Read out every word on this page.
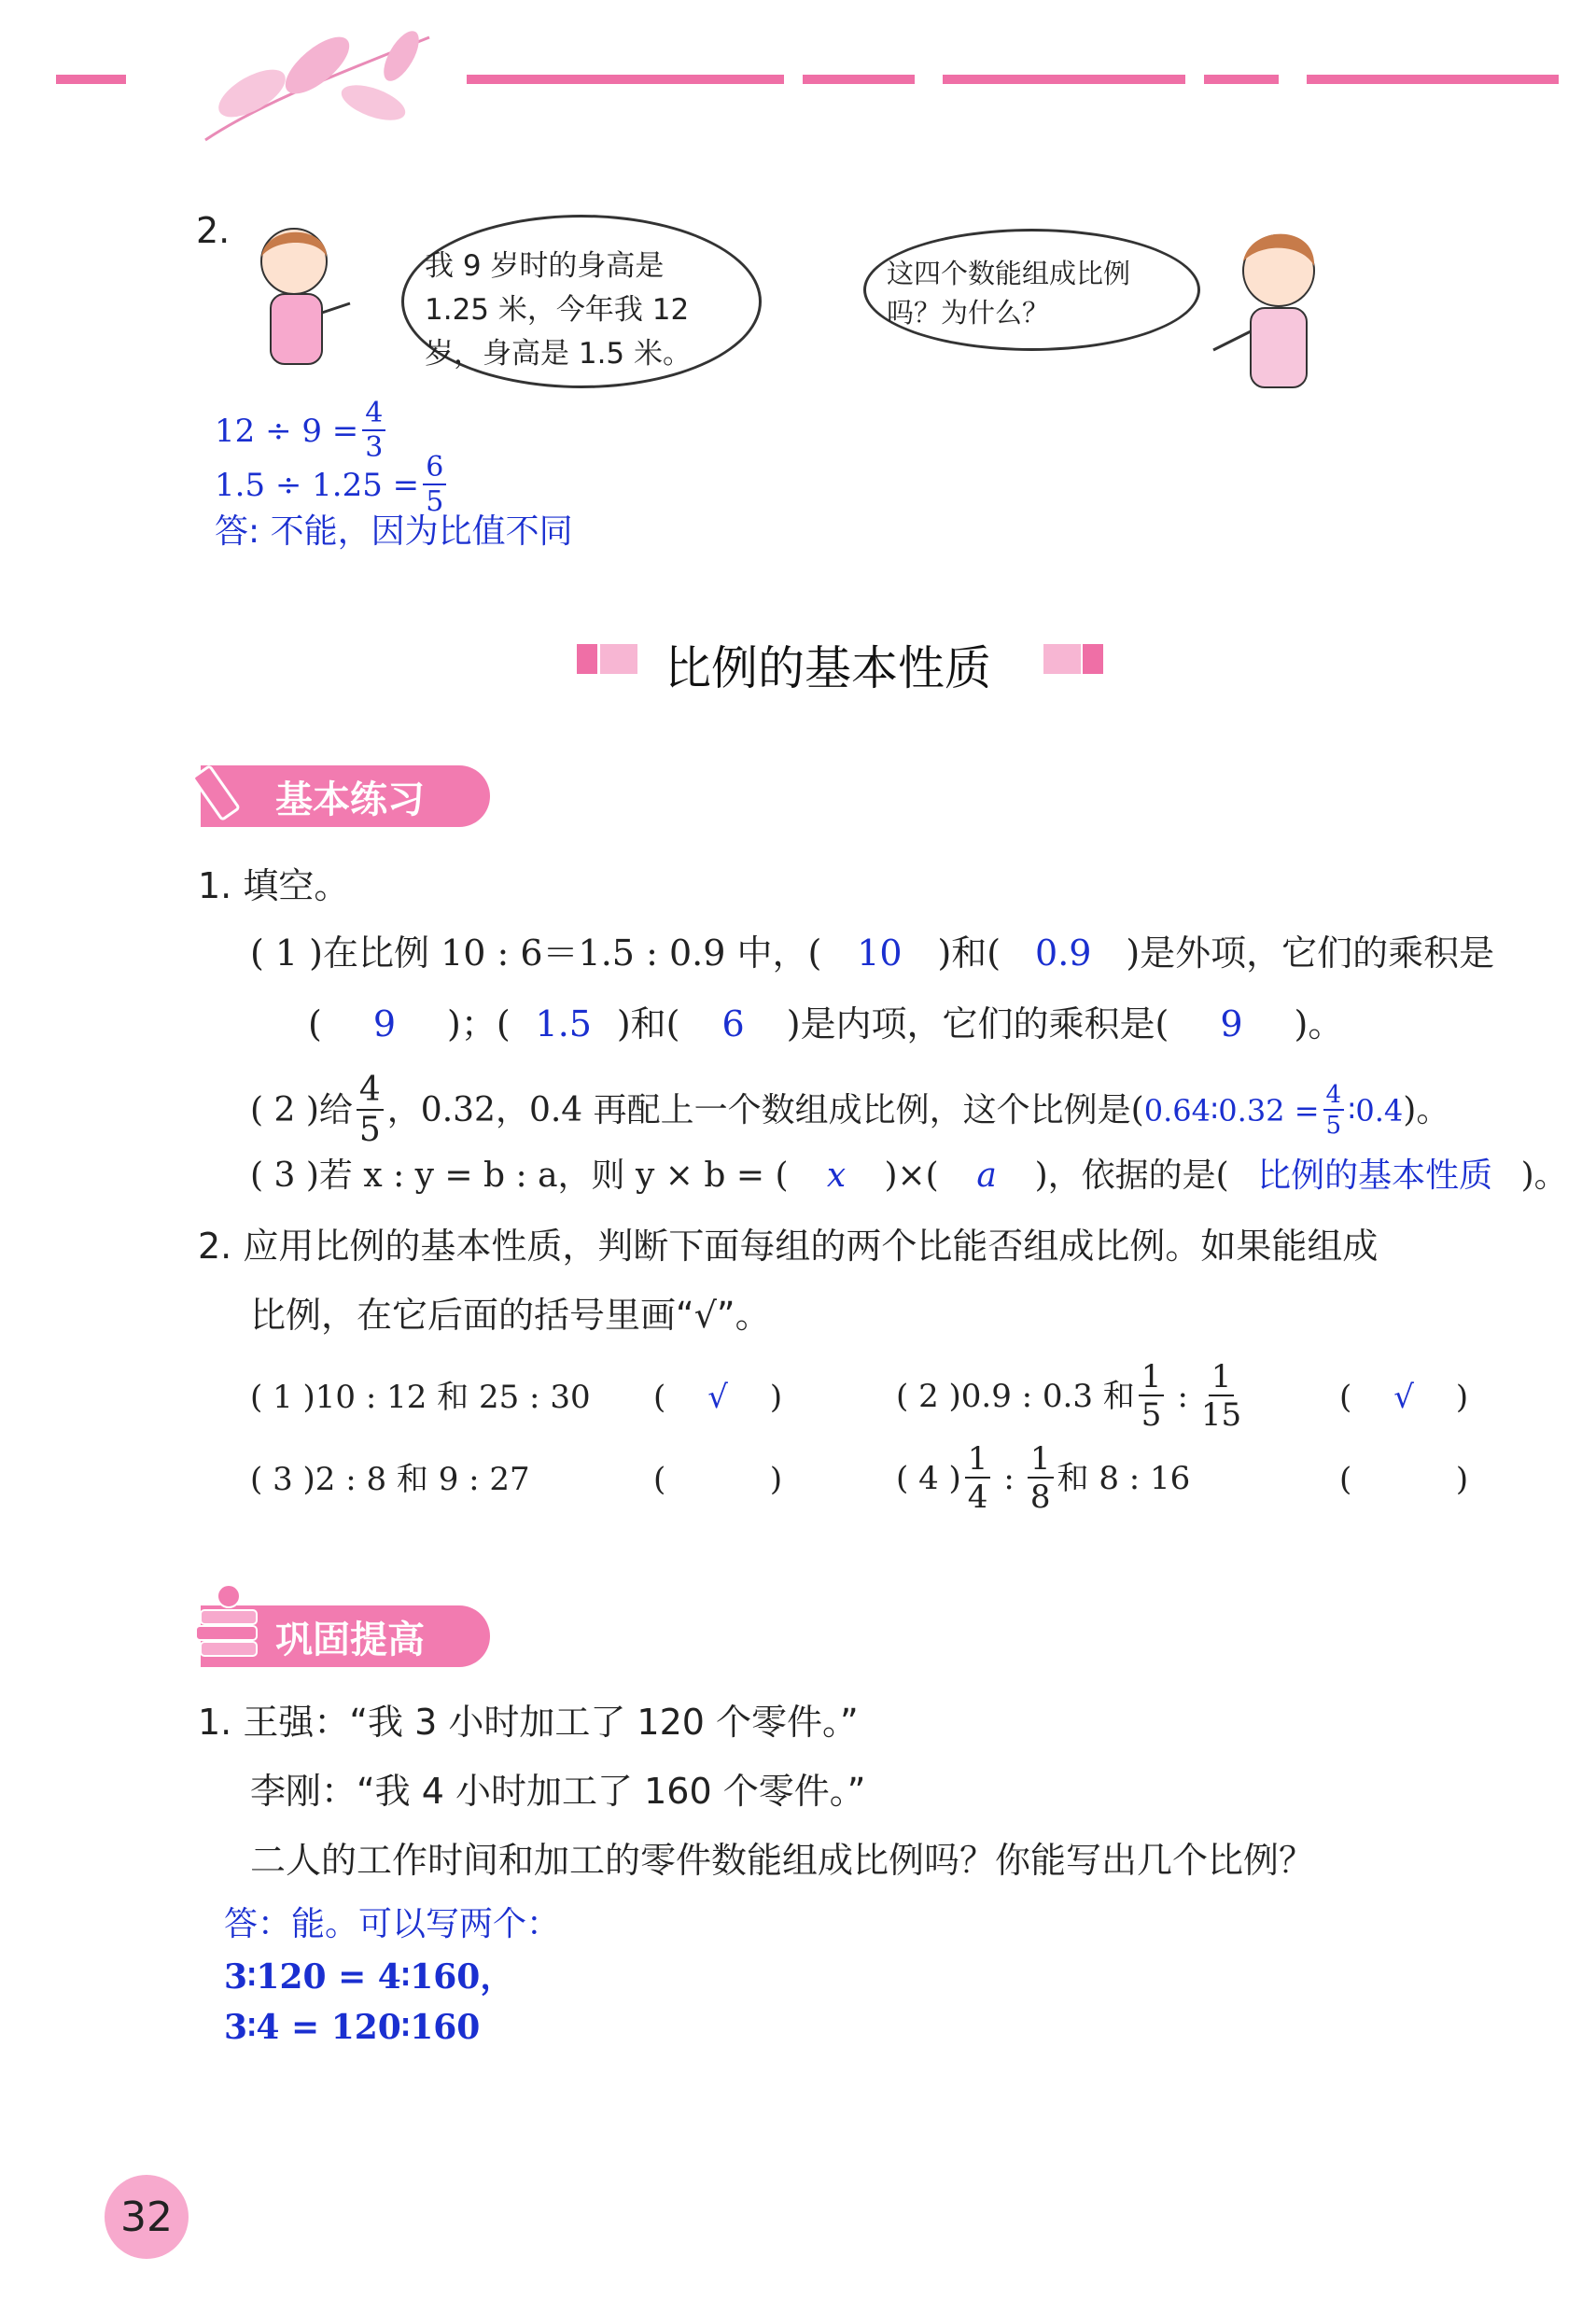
2.
我 9 岁时的身高是 1.25 米，今年我 12 岁，身高是 1.5 米。
这四个数能组成比例吗？为什么？
$12 \div 9 = \frac{4}{3}$
$1.5 \div 1.25 = \frac{6}{5}$
答: 不能，因为比值不同
比例的基本性质
基本练习
1. 填空。
( 1 )在比例 10 : 6＝1.5 : 0.9 中，( 10 )和( 0.9 )是外项，它们的乘积是
( 9 )；( 1.5 )和( 6 )是内项，它们的乘积是( 9 )。
( 2 )给 $\frac{4}{5}$ ，0.32，0.4 再配上一个数组成比例，这个比例是( 0.64∶0.32 = $\frac{4}{5}$ ∶0.4 )。
( 3 )若 x : y = b : a，则 y × b = ( x )×( a )，依据的是( 比例的基本性质 )。
2. 应用比例的基本性质，判断下面每组的两个比能否组成比例。如果能组成
比例，在它后面的括号里画“√”。
( 1 )10 : 12 和 25 : 30 ( √ )	( 2 )0.9 : 0.3 和 $\frac{1}{5}$ : $\frac{1}{15}$	( √ )
( 3 )2 : 8 和 9 : 27	(	)	( 4 ) $\frac{1}{4}$ : $\frac{1}{8}$ 和 8 : 16	(	)
巩固提高
1. 王强：“我 3 小时加工了 120 个零件。”
李刚：“我 4 小时加工了 160 个零件。”
二人的工作时间和加工的零件数能组成比例吗？你能写出几个比例？
答：能。可以写两个：
3∶120 = 4∶160，
3∶4 = 120∶160
32
